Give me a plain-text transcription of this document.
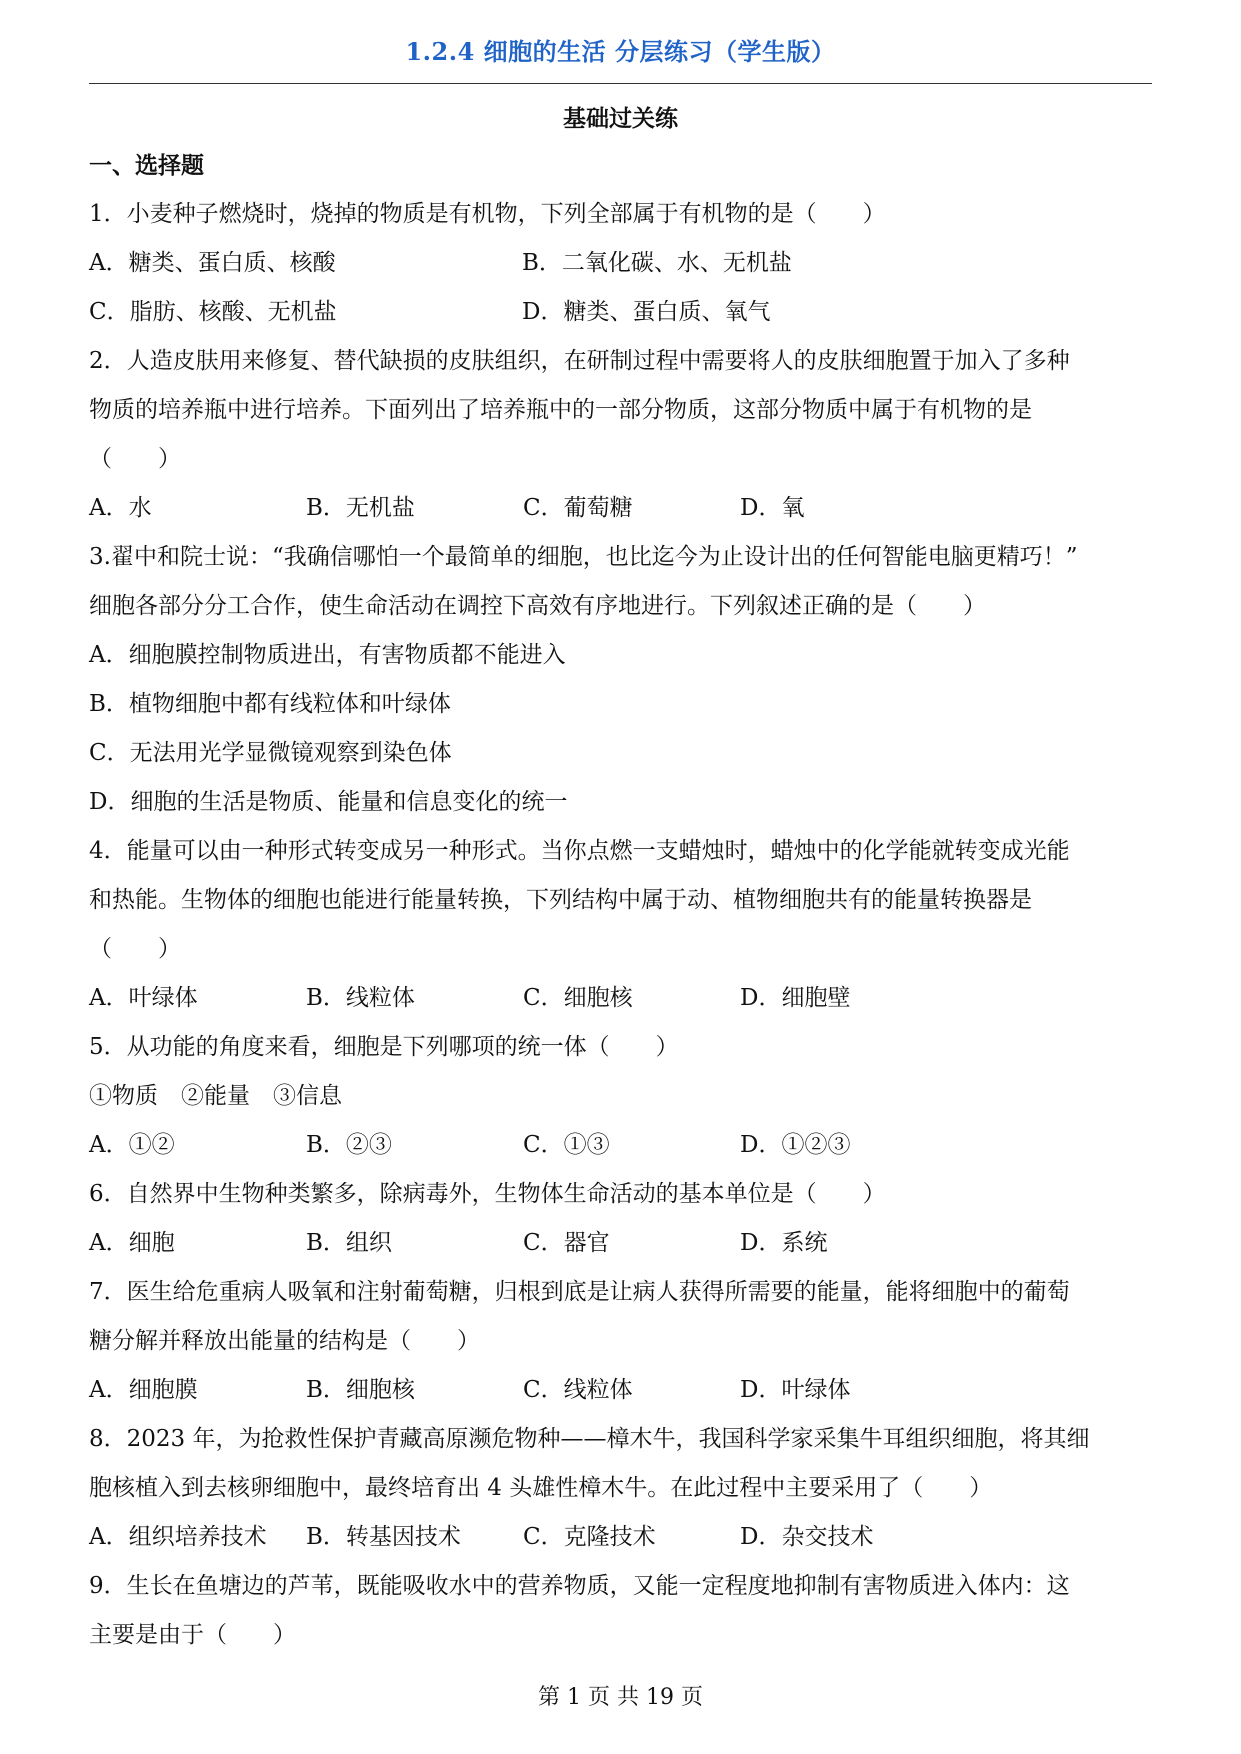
1.2.4 细胞的生活 分层练习（学生版）
基础过关练
一、选择题
1．小麦种子燃烧时，烧掉的物质是有机物，下列全部属于有机物的是（　　）
A．糖类、蛋白质、核酸	B．二氧化碳、水、无机盐
C．脂肪、核酸、无机盐	D．糖类、蛋白质、氧气
2．人造皮肤用来修复、替代缺损的皮肤组织，在研制过程中需要将人的皮肤细胞置于加入了多种
物质的培养瓶中进行培养。下面列出了培养瓶中的一部分物质，这部分物质中属于有机物的是
（　　）
A．水	B．无机盐	C．葡萄糖	D．氧
3.翟中和院士说：“我确信哪怕一个最简单的细胞，也比迄今为止设计出的任何智能电脑更精巧！”
细胞各部分分工合作，使生命活动在调控下高效有序地进行。下列叙述正确的是（　　）
A．细胞膜控制物质进出，有害物质都不能进入
B．植物细胞中都有线粒体和叶绿体
C．无法用光学显微镜观察到染色体
D．细胞的生活是物质、能量和信息变化的统一
4．能量可以由一种形式转变成另一种形式。当你点燃一支蜡烛时，蜡烛中的化学能就转变成光能
和热能。生物体的细胞也能进行能量转换，下列结构中属于动、植物细胞共有的能量转换器是
（　　）
A．叶绿体	B．线粒体	C．细胞核	D．细胞壁
5．从功能的角度来看，细胞是下列哪项的统一体（　　）
①物质　②能量　③信息
A．①②	B．②③	C．①③	D．①②③
6．自然界中生物种类繁多，除病毒外，生物体生命活动的基本单位是（　　）
A．细胞	B．组织	C．器官	D．系统
7．医生给危重病人吸氧和注射葡萄糖，归根到底是让病人获得所需要的能量，能将细胞中的葡萄
糖分解并释放出能量的结构是（　　）
A．细胞膜	B．细胞核	C．线粒体	D．叶绿体
8．2023 年，为抢救性保护青藏高原濒危物种——樟木牛，我国科学家采集牛耳组织细胞，将其细
胞核植入到去核卵细胞中，最终培育出 4 头雄性樟木牛。在此过程中主要采用了（　　）
A．组织培养技术	B．转基因技术	C．克隆技术	D．杂交技术
9．生长在鱼塘边的芦苇，既能吸收水中的营养物质，又能一定程度地抑制有害物质进入体内：这
主要是由于（　　）
第 1 页 共 19 页
